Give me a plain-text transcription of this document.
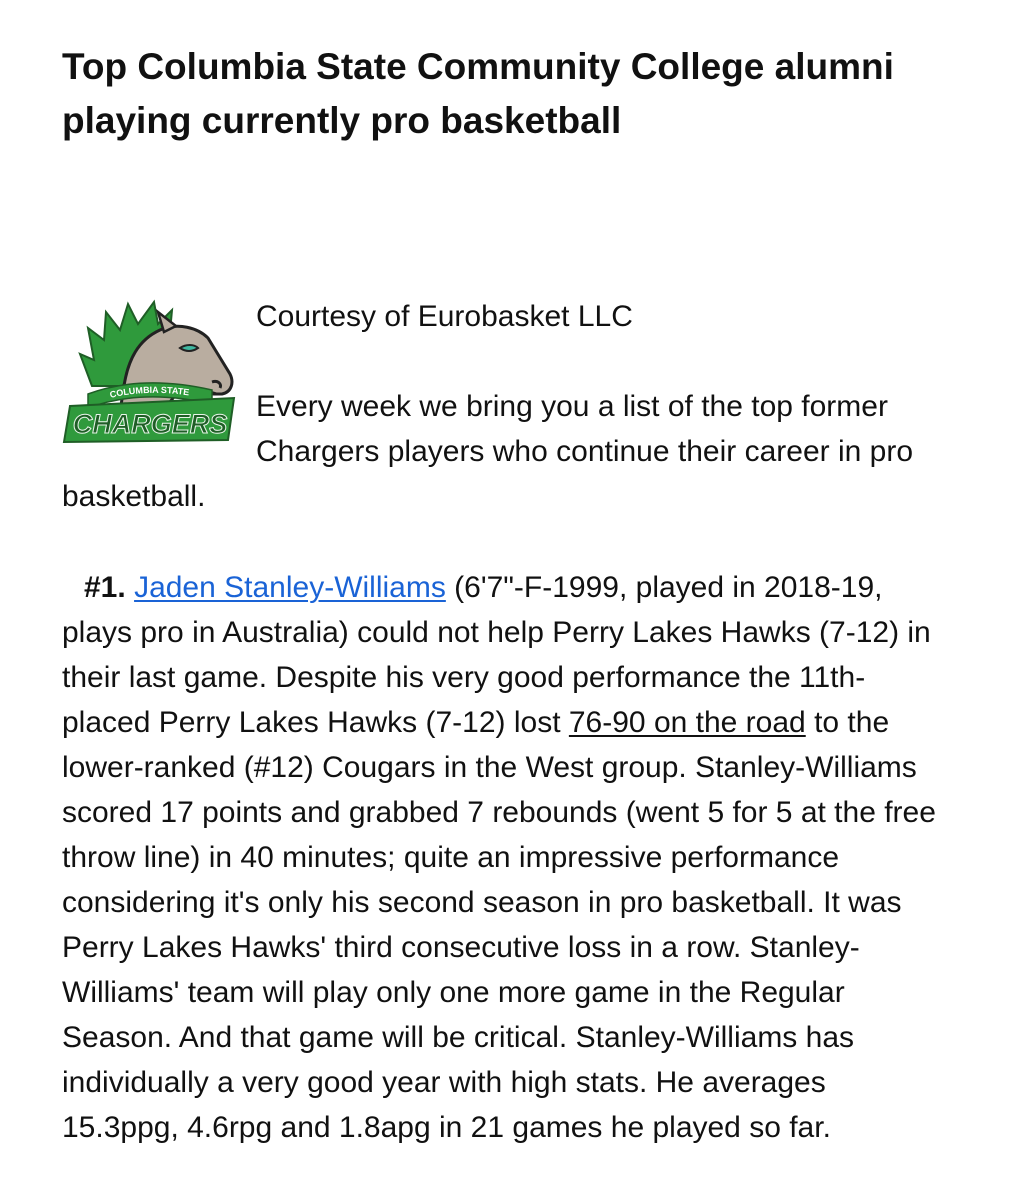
Top Columbia State Community College alumni playing currently pro basketball
COLUMBIA STATE
CHARGERS

Courtesy of Eurobasket LLC

Every week we bring you a list of the top former Chargers players who continue their career in pro basketball.

#1. Jaden Stanley-Williams (6'7"-F-1999, played in 2018-19, plays pro in Australia) could not help Perry Lakes Hawks (7-12) in their last game. Despite his very good performance the 11th-placed Perry Lakes Hawks (7-12) lost 76-90 on the road to the lower-ranked (#12) Cougars in the West group. Stanley-Williams scored 17 points and grabbed 7 rebounds (went 5 for 5 at the free throw line) in 40 minutes; quite an impressive performance considering it's only his second season in pro basketball. It was Perry Lakes Hawks' third consecutive loss in a row. Stanley-Williams' team will play only one more game in the Regular Season. And that game will be critical. Stanley-Williams has individually a very good year with high stats. He averages 15.3ppg, 4.6rpg and 1.8apg in 21 games he played so far.
